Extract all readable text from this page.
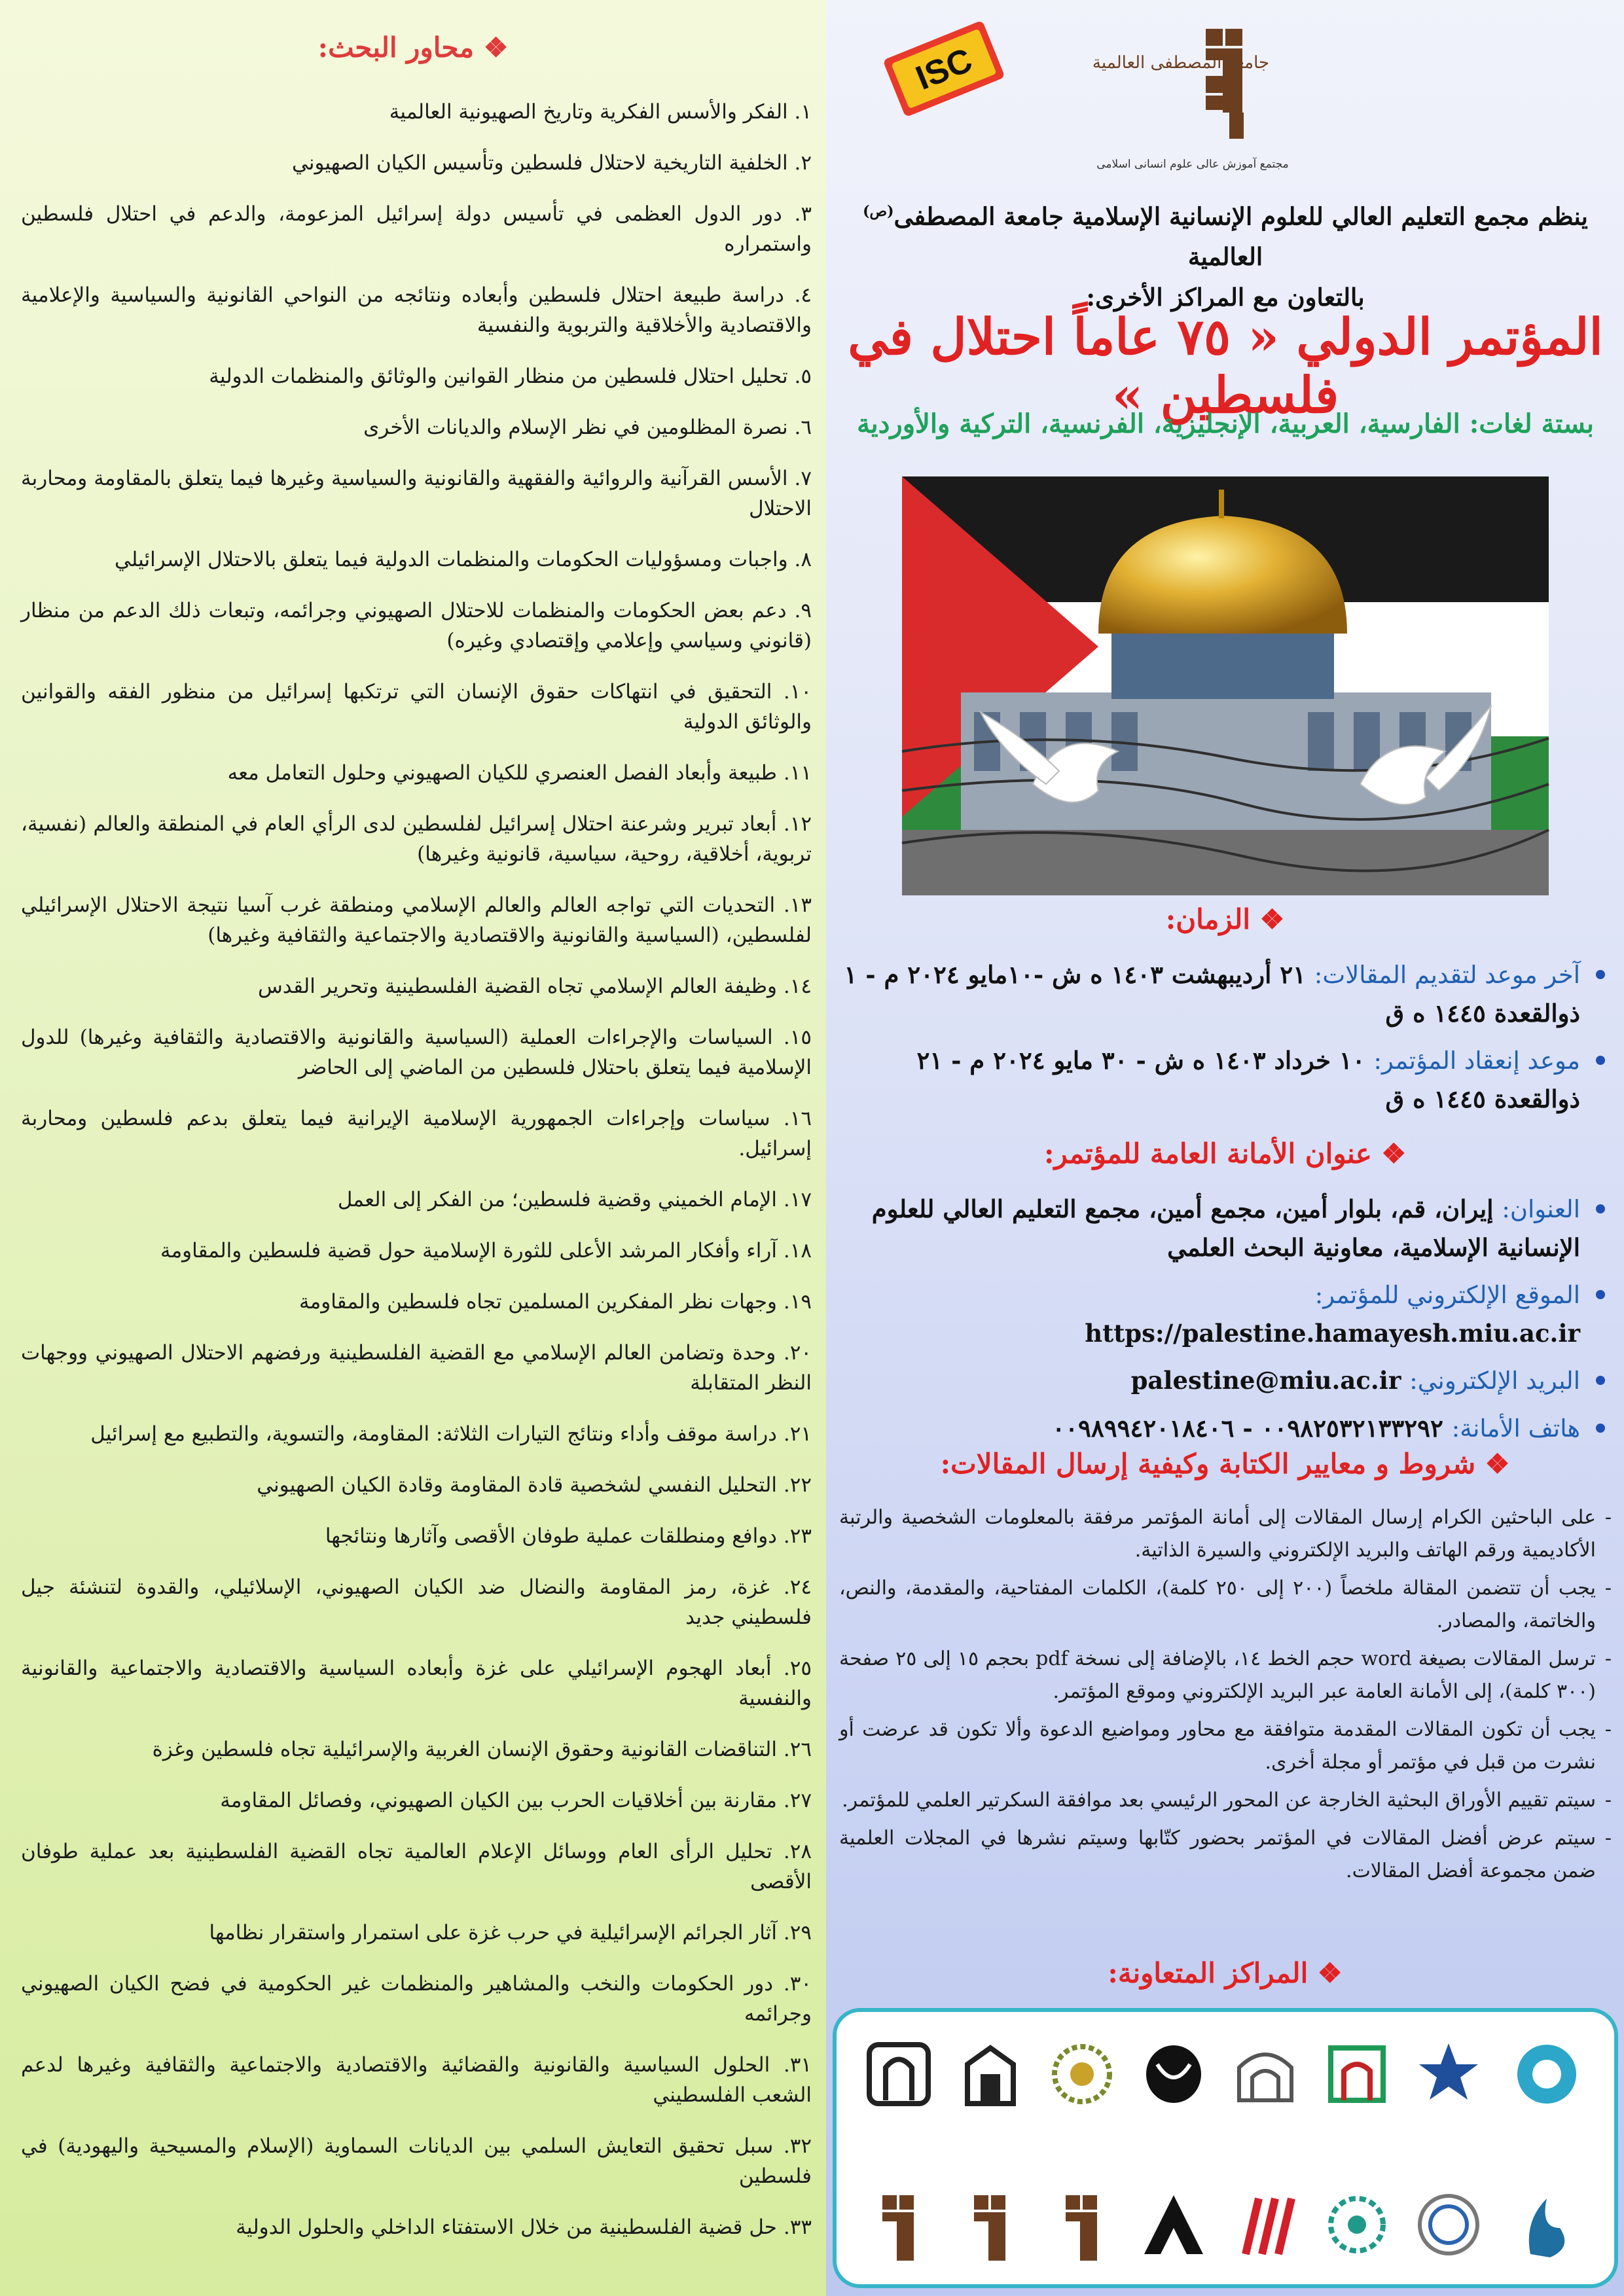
❖ محاور البحث:
١. الفكر والأسس الفكرية وتاريخ الصهيونية العالمية
٢. الخلفية التاريخية لاحتلال فلسطين وتأسيس الكيان الصهيوني
٣. دور الدول العظمى في تأسيس دولة إسرائيل المزعومة، والدعم في احتلال فلسطين واستمراره
٤. دراسة طبيعة احتلال فلسطين وأبعاده ونتائجه من النواحي القانونية والسياسية والإعلامية والاقتصادية والأخلاقية والتربوية والنفسية
٥. تحليل احتلال فلسطين من منظار القوانين والوثائق والمنظمات الدولية
٦. نصرة المظلومين في نظر الإسلام والديانات الأخرى
٧. الأسس القرآنية والروائية والفقهية والقانونية والسياسية وغيرها فيما يتعلق بالمقاومة ومحاربة الاحتلال
٨. واجبات ومسؤوليات الحكومات والمنظمات الدولية فيما يتعلق بالاحتلال الإسرائيلي
٩. دعم بعض الحكومات والمنظمات للاحتلال الصهيوني وجرائمه، وتبعات ذلك الدعم من منظار (قانوني وسياسي وإعلامي وإقتصادي وغيره)
١٠. التحقيق في انتهاكات حقوق الإنسان التي ترتكبها إسرائيل من منظور الفقه والقوانين والوثائق الدولية
١١. طبيعة وأبعاد الفصل العنصري للكيان الصهيوني وحلول التعامل معه
١٢. أبعاد تبرير وشرعنة احتلال إسرائيل لفلسطين لدى الرأي العام في المنطقة والعالم (نفسية، تربوية، أخلاقية، روحية، سياسية، قانونية وغيرها)
١٣. التحديات التي تواجه العالم والعالم الإسلامي ومنطقة غرب آسيا نتيجة الاحتلال الإسرائيلي لفلسطين، (السياسية والقانونية والاقتصادية والاجتماعية والثقافية وغيرها)
١٤. وظيفة العالم الإسلامي تجاه القضية الفلسطينية وتحرير القدس
١٥. السياسات والإجراءات العملية (السياسية والقانونية والاقتصادية والثقافية وغيرها) للدول الإسلامية فيما يتعلق باحتلال فلسطين من الماضي إلى الحاضر
١٦. سياسات وإجراءات الجمهورية الإسلامية الإيرانية فيما يتعلق بدعم فلسطين ومحاربة إسرائيل.
١٧. الإمام الخميني وقضية فلسطين؛ من الفكر إلى العمل
١٨. آراء وأفكار المرشد الأعلى للثورة الإسلامية حول قضية فلسطين والمقاومة
١٩. وجهات نظر المفكرين المسلمين تجاه فلسطين والمقاومة
٢٠. وحدة وتضامن العالم الإسلامي مع القضية الفلسطينية ورفضهم الاحتلال الصهيوني ووجهات النظر المتقابلة
٢١. دراسة موقف وأداء ونتائج التيارات الثلاثة: المقاومة، والتسوية، والتطبيع مع إسرائيل
٢٢. التحليل النفسي لشخصية قادة المقاومة وقادة الكيان الصهيوني
٢٣. دوافع ومنطلقات عملية طوفان الأقصى وآثارها ونتائجها
٢٤. غزة، رمز المقاومة والنضال ضد الكيان الصهيوني، الإسلائيلي، والقدوة لتنشئة جيل فلسطيني جديد
٢٥. أبعاد الهجوم الإسرائيلي على غزة وأبعاده السياسية والاقتصادية والاجتماعية والقانونية والنفسية
٢٦. التناقضات القانونية وحقوق الإنسان الغربية والإسرائيلية تجاه فلسطين وغزة
٢٧. مقارنة بين أخلاقيات الحرب بين الكيان الصهيوني، وفصائل المقاومة
٢٨. تحليل الرأى العام ووسائل الإعلام العالمية تجاه القضية الفلسطينية بعد عملية طوفان الأقصى
٢٩. آثار الجرائم الإسرائيلية في حرب غزة على استمرار واستقرار نظامها
٣٠. دور الحكومات والنخب والمشاهير والمنظمات غير الحكومية في فضح الكيان الصهيوني وجرائمه
٣١. الحلول السياسية والقانونية والقضائية والاقتصادية والاجتماعية والثقافية وغيرها لدعم الشعب الفلسطيني
٣٢. سبل تحقيق التعايش السلمي بين الديانات السماوية (الإسلام والمسيحية واليهودية) في فلسطين
٣٣. حل قضية الفلسطينية من خلال الاستفتاء الداخلي والحلول الدولية
ISC	جامعة المصطفى العالمية
مجتمع آموزش عالی علوم انسانی اسلامی
ينظم مجمع التعليم العالي للعلوم الإنسانية الإسلامية جامعة المصطفى$^{(ص)}$ العالمية
بالتعاون مع المراكز الأخرى:
المؤتمر الدولي « ٧٥ عاماً احتلال في فلسطين »
بستة لغات: الفارسية، العربية، الإنجليزية، الفرنسية، التركية والأوردية
❖ الزمان:
آخر موعد لتقديم المقالات: ٢١ أرديبهشت ١٤٠٣ ه ش -١٠مايو ٢٠٢٤ م - ١ ذوالقعدة ١٤٤٥ ه ق
موعد إنعقاد المؤتمر: ١٠ خرداد ١٤٠٣ ه ش - ٣٠ مايو ٢٠٢٤ م - ٢١ ذوالقعدة ١٤٤٥ ه ق
❖ عنوان الأمانة العامة للمؤتمر:
العنوان: إيران، قم، بلوار أمين، مجمع أمين، مجمع التعليم العالي للعلوم الإنسانية الإسلامية، معاونية البحث العلمي
الموقع الإلكتروني للمؤتمر: https://palestine.hamayesh.miu.ac.ir
البريد الإلكتروني: palestine@miu.ac.ir
هاتف الأمانة: ٠٠٩٨٢٥٣٢١٣٣٢٩٢ - ٠٠٩٨٩٩٤٢٠١٨٤٠٦
❖ شروط و معايير الكتابة وكيفية إرسال المقالات:
- على الباحثين الكرام إرسال المقالات إلى أمانة المؤتمر مرفقة بالمعلومات الشخصية والرتبة الأكاديمية ورقم الهاتف والبريد الإلكتروني والسيرة الذاتية.
- يجب أن تتضمن المقالة ملخصاً (٢٠٠ إلى ٢٥٠ كلمة)، الكلمات المفتاحية، والمقدمة، والنص، والخاتمة، والمصادر.
- ترسل المقالات بصيغة word حجم الخط ١٤، بالإضافة إلى نسخة pdf بحجم ١٥ إلى ٢٥ صفحة (٣٠٠ كلمة)، إلى الأمانة العامة عبر البريد الإلكتروني وموقع المؤتمر.
- يجب أن تكون المقالات المقدمة متوافقة مع محاور ومواضيع الدعوة وألا تكون قد عرضت أو نشرت من قبل في مؤتمر أو مجلة أخرى.
- سيتم تقييم الأوراق البحثية الخارجة عن المحور الرئيسي بعد موافقة السكرتير العلمي للمؤتمر.
- سيتم عرض أفضل المقالات في المؤتمر بحضور كتّابها وسيتم نشرها في المجلات العلمية ضمن مجموعة أفضل المقالات.
❖ المراكز المتعاونة:
